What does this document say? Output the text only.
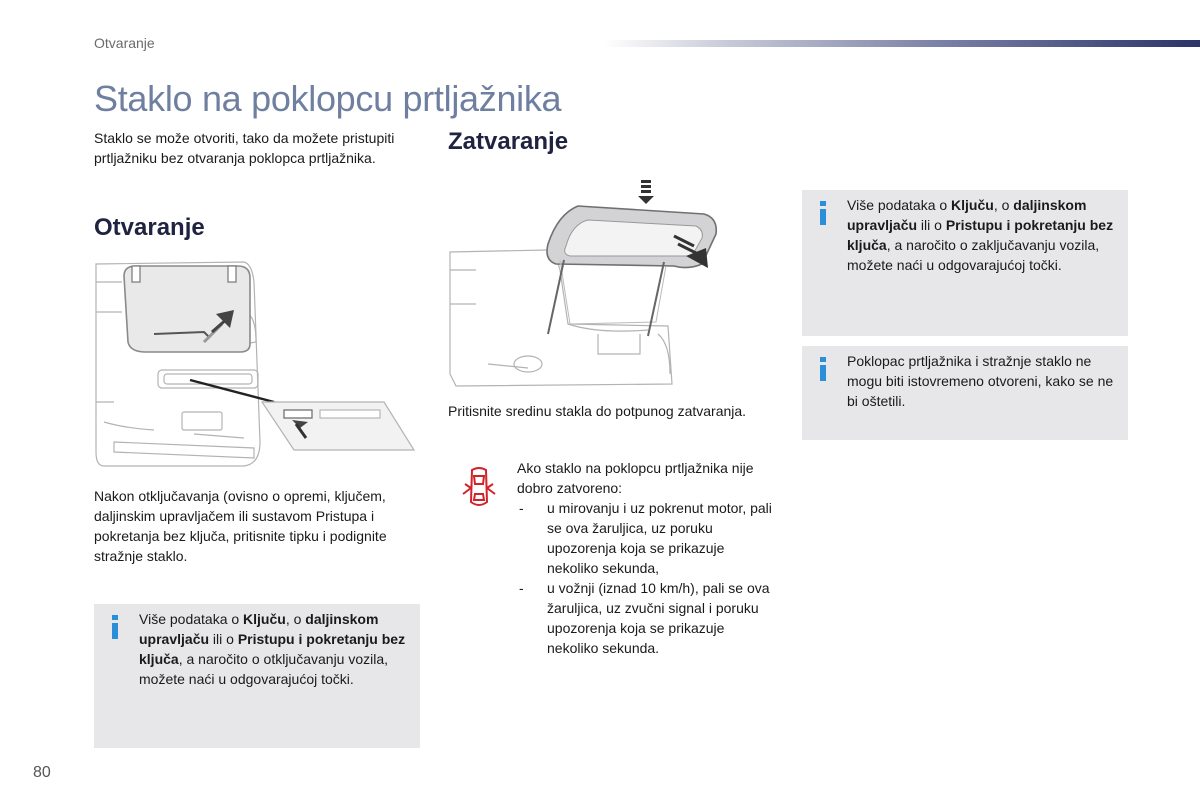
Otvaranje
Staklo na poklopcu prtljažnika
Staklo se može otvoriti, tako da možete pristupiti prtljažniku bez otvaranja poklopca prtljažnika.
Otvaranje
Nakon otključavanja (ovisno o opremi, ključem, daljinskim upravljačem ili sustavom Pristupa i pokretanja bez ključa, pritisnite tipku i podignite stražnje staklo.
Više podataka o Ključu, o daljinskom upravljaču ili o Pristupu i pokretanju bez ključa, a naročito o otključavanju vozila, možete naći u odgovarajućoj točki.
Zatvaranje
Pritisnite sredinu stakla do potpunog zatvaranja.
Ako staklo na poklopcu prtljažnika nije dobro zatvoreno:
- u mirovanju i uz pokrenut motor, pali se ova žaruljica, uz poruku upozorenja koja se prikazuje nekoliko sekunda,
- u vožnji (iznad 10 km/h), pali se ova žaruljica, uz zvučni signal i poruku upozorenja koja se prikazuje nekoliko sekunda.
Više podataka o Ključu, o daljinskom upravljaču ili o Pristupu i pokretanju bez ključa, a naročito o zaključavanju vozila, možete naći u odgovarajućoj točki.
Poklopac prtljažnika i stražnje staklo ne mogu biti istovremeno otvoreni, kako se ne bi oštetili.
80
